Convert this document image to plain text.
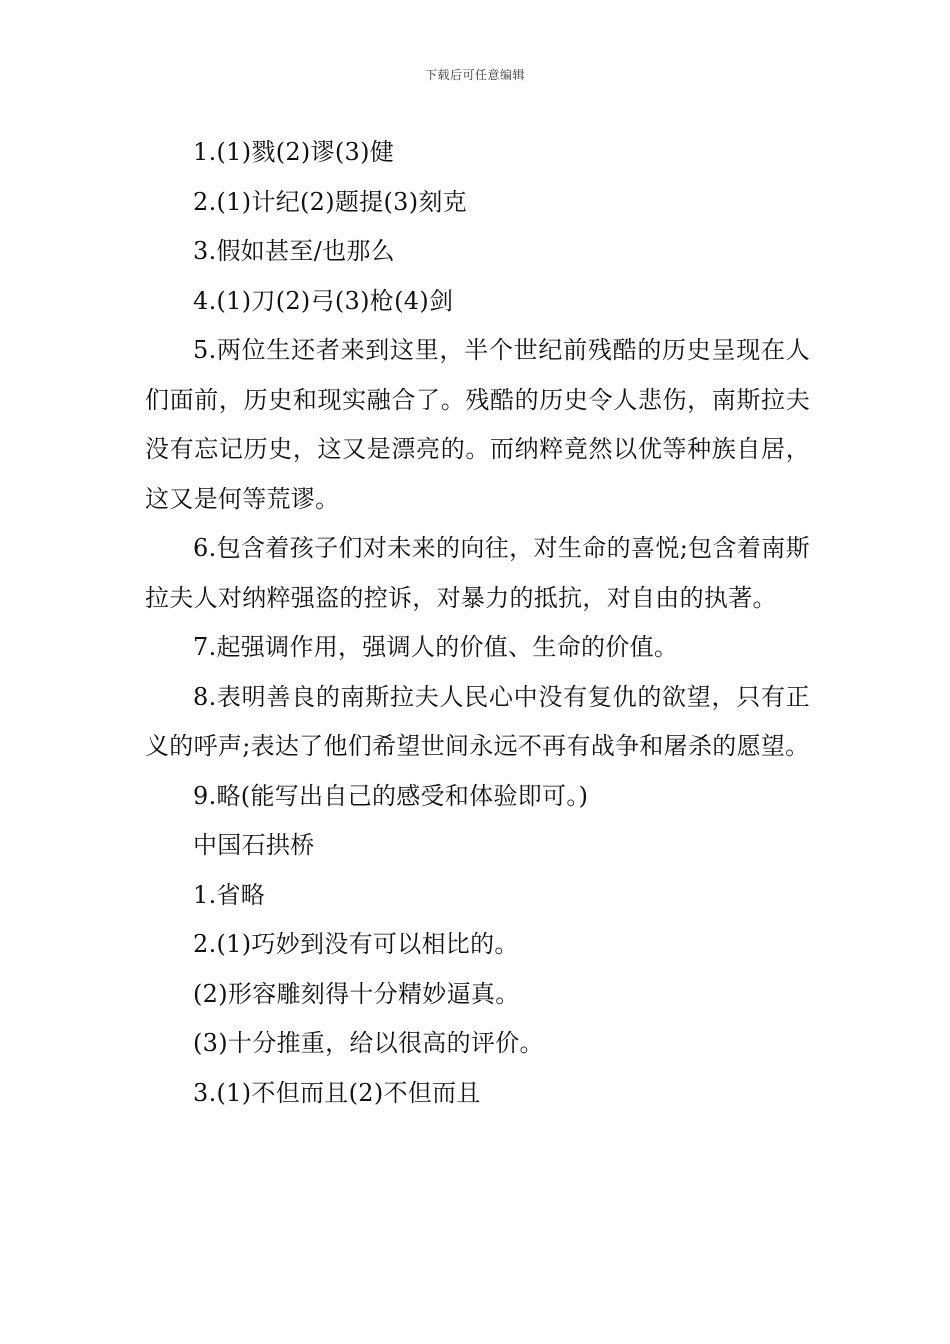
下载后可任意编辑

1.(1)戮(2)谬(3)健

2.(1)计纪(2)题提(3)刻克

3.假如甚至/也那么

4.(1)刀(2)弓(3)枪(4)剑

5.两位生还者来到这里，半个世纪前残酷的历史呈现在人们面前，历史和现实融合了。残酷的历史令人悲伤，南斯拉夫没有忘记历史，这又是漂亮的。而纳粹竟然以优等种族自居，这又是何等荒谬。

6.包含着孩子们对未来的向往，对生命的喜悦;包含着南斯拉夫人对纳粹强盗的控诉，对暴力的抵抗，对自由的执著。

7.起强调作用，强调人的价值、生命的价值。

8.表明善良的南斯拉夫人民心中没有复仇的欲望，只有正义的呼声;表达了他们希望世间永远不再有战争和屠杀的愿望。

9.略(能写出自己的感受和体验即可。)

中国石拱桥

1.省略

2.(1)巧妙到没有可以相比的。

(2)形容雕刻得十分精妙逼真。

(3)十分推重，给以很高的评价。

3.(1)不但而且(2)不但而且
